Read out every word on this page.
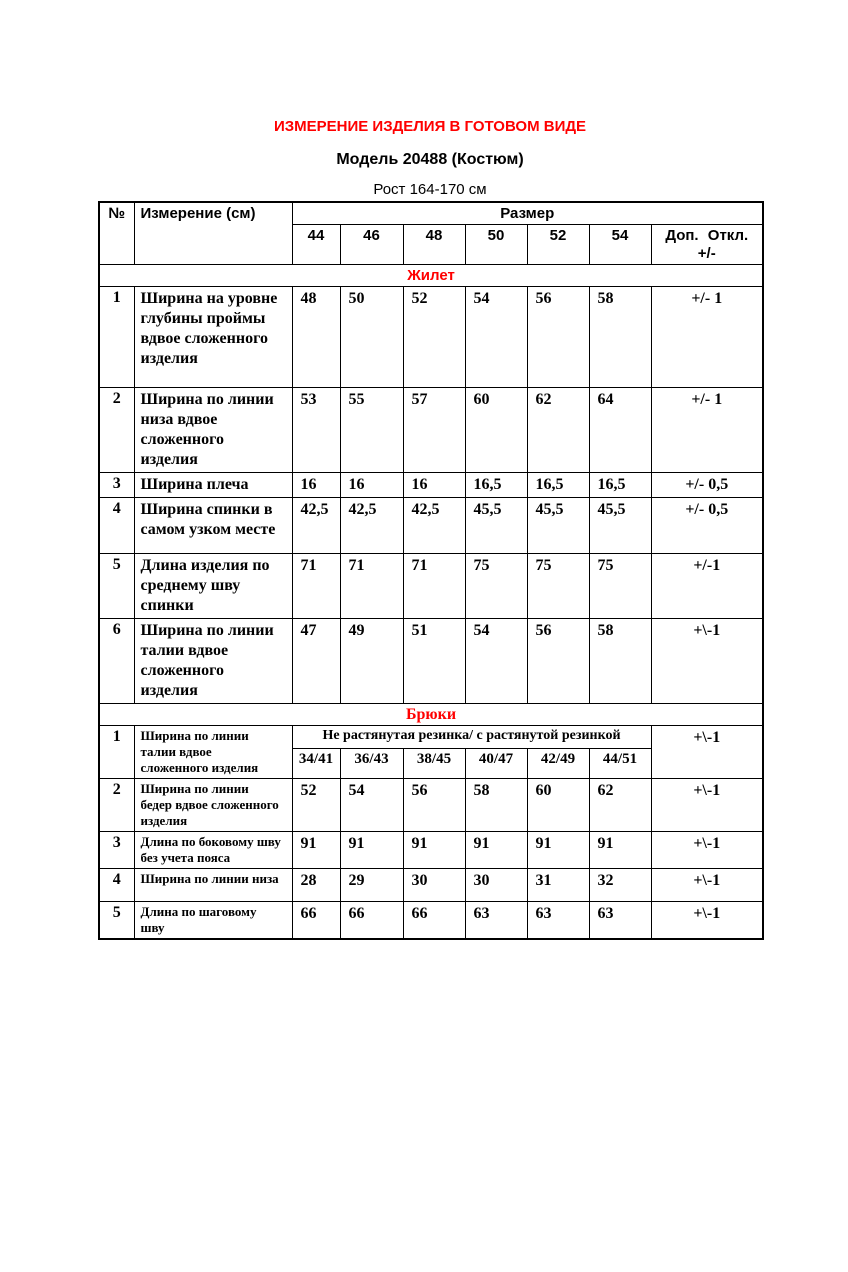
ИЗМЕРЕНИЕ ИЗДЕЛИЯ В ГОТОВОМ ВИДЕ
Модель 20488 (Костюм)
Рост 164-170 см
№	Измерение (см)	Размер						
		44	46	48	50	52	54	Доп. Откл.
+/-

Жилет								
1	Ширина на уровне глубины проймы вдвое сложенного изделия	48	50	52	54	56	58	+/- 1
2	Ширина по линии низа вдвое сложенного изделия	53	55	57	60	62	64	+/- 1
3	Ширина плеча	16	16	16	16,5	16,5	16,5	+/- 0,5
4	Ширина спинки в самом узком месте	42,5	42,5	42,5	45,5	45,5	45,5	+/- 0,5
5	Длина изделия по среднему шву спинки	71	71	71	75	75	75	+/-1
6	Ширина по линии талии вдвое сложенного изделия	47	49	51	54	56	58	+\-1
Брюки								
1	Ширина по линии талии вдвое сложенного изделия	Не растянутая резинка/ с растянутой резинкой						+\-1
		34/41	36/43	38/45	40/47	42/49	44/51	
2	Ширина по линии бедер вдвое сложенного изделия	52	54	56	58	60	62	+\-1
3	Длина по боковому шву без учета пояса	91	91	91	91	91	91	+\-1
4	Ширина по линии низа	28	29	30	30	31	32	+\-1
5	Длина по шаговому шву	66	66	66	63	63	63	+\-1
